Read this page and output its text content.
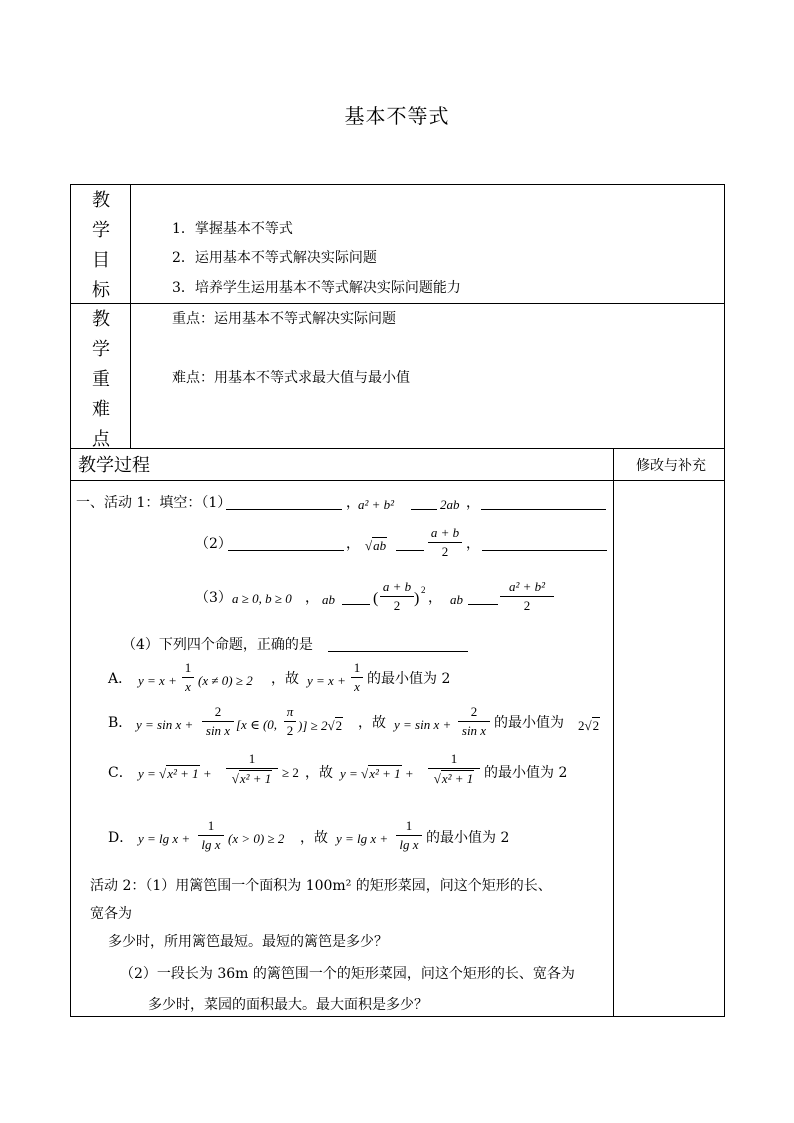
基本不等式
教
学
目
标
1．掌握基本不等式
2．运用基本不等式解决实际问题
3．培养学生运用基本不等式解决实际问题能力
教
学
重
难
点
重点：运用基本不等式解决实际问题
难点：用基本不等式求最大值与最小值
教学过程	修改与补充
一、活动 1：填空：（1）	，
a² + b²	2ab ，
（2）	， √ab
a + b
2	，
（3） a ≥ 0, b ≥ 0 ， ab (
a + b
2 ) 2 ， ab
a² + b²
2
（4）下列四个命题，正确的是
A． y = x +
1
x (x ≠ 0) ≥ 2 ，故 y = x +
1
x 的最小值为 2
B． y = sin x +
2
sin x [x ∈ (0,
π
2 )] ≥ 2√2 ，故 y = sin x +
2
sin x 的最小值为 2√2
C． y = √x² + 1 +
1
√x² + 1 ≥ 2 ，故 y = √x² + 1 +
1
√x² + 1 的最小值为 2
D． y = lg x +
1
lg x (x > 0) ≥ 2 ，故 y = lg x +
1
lg x 的最小值为 2
活动 2：（1）用篱笆围一个面积为 100m² 的矩形菜园，问这个矩形的长、
宽各为
多少时，所用篱笆最短。最短的篱笆是多少？
（2）一段长为 36m 的篱笆围一个的矩形菜园，问这个矩形的长、宽各为
多少时，菜园的面积最大。最大面积是多少？
